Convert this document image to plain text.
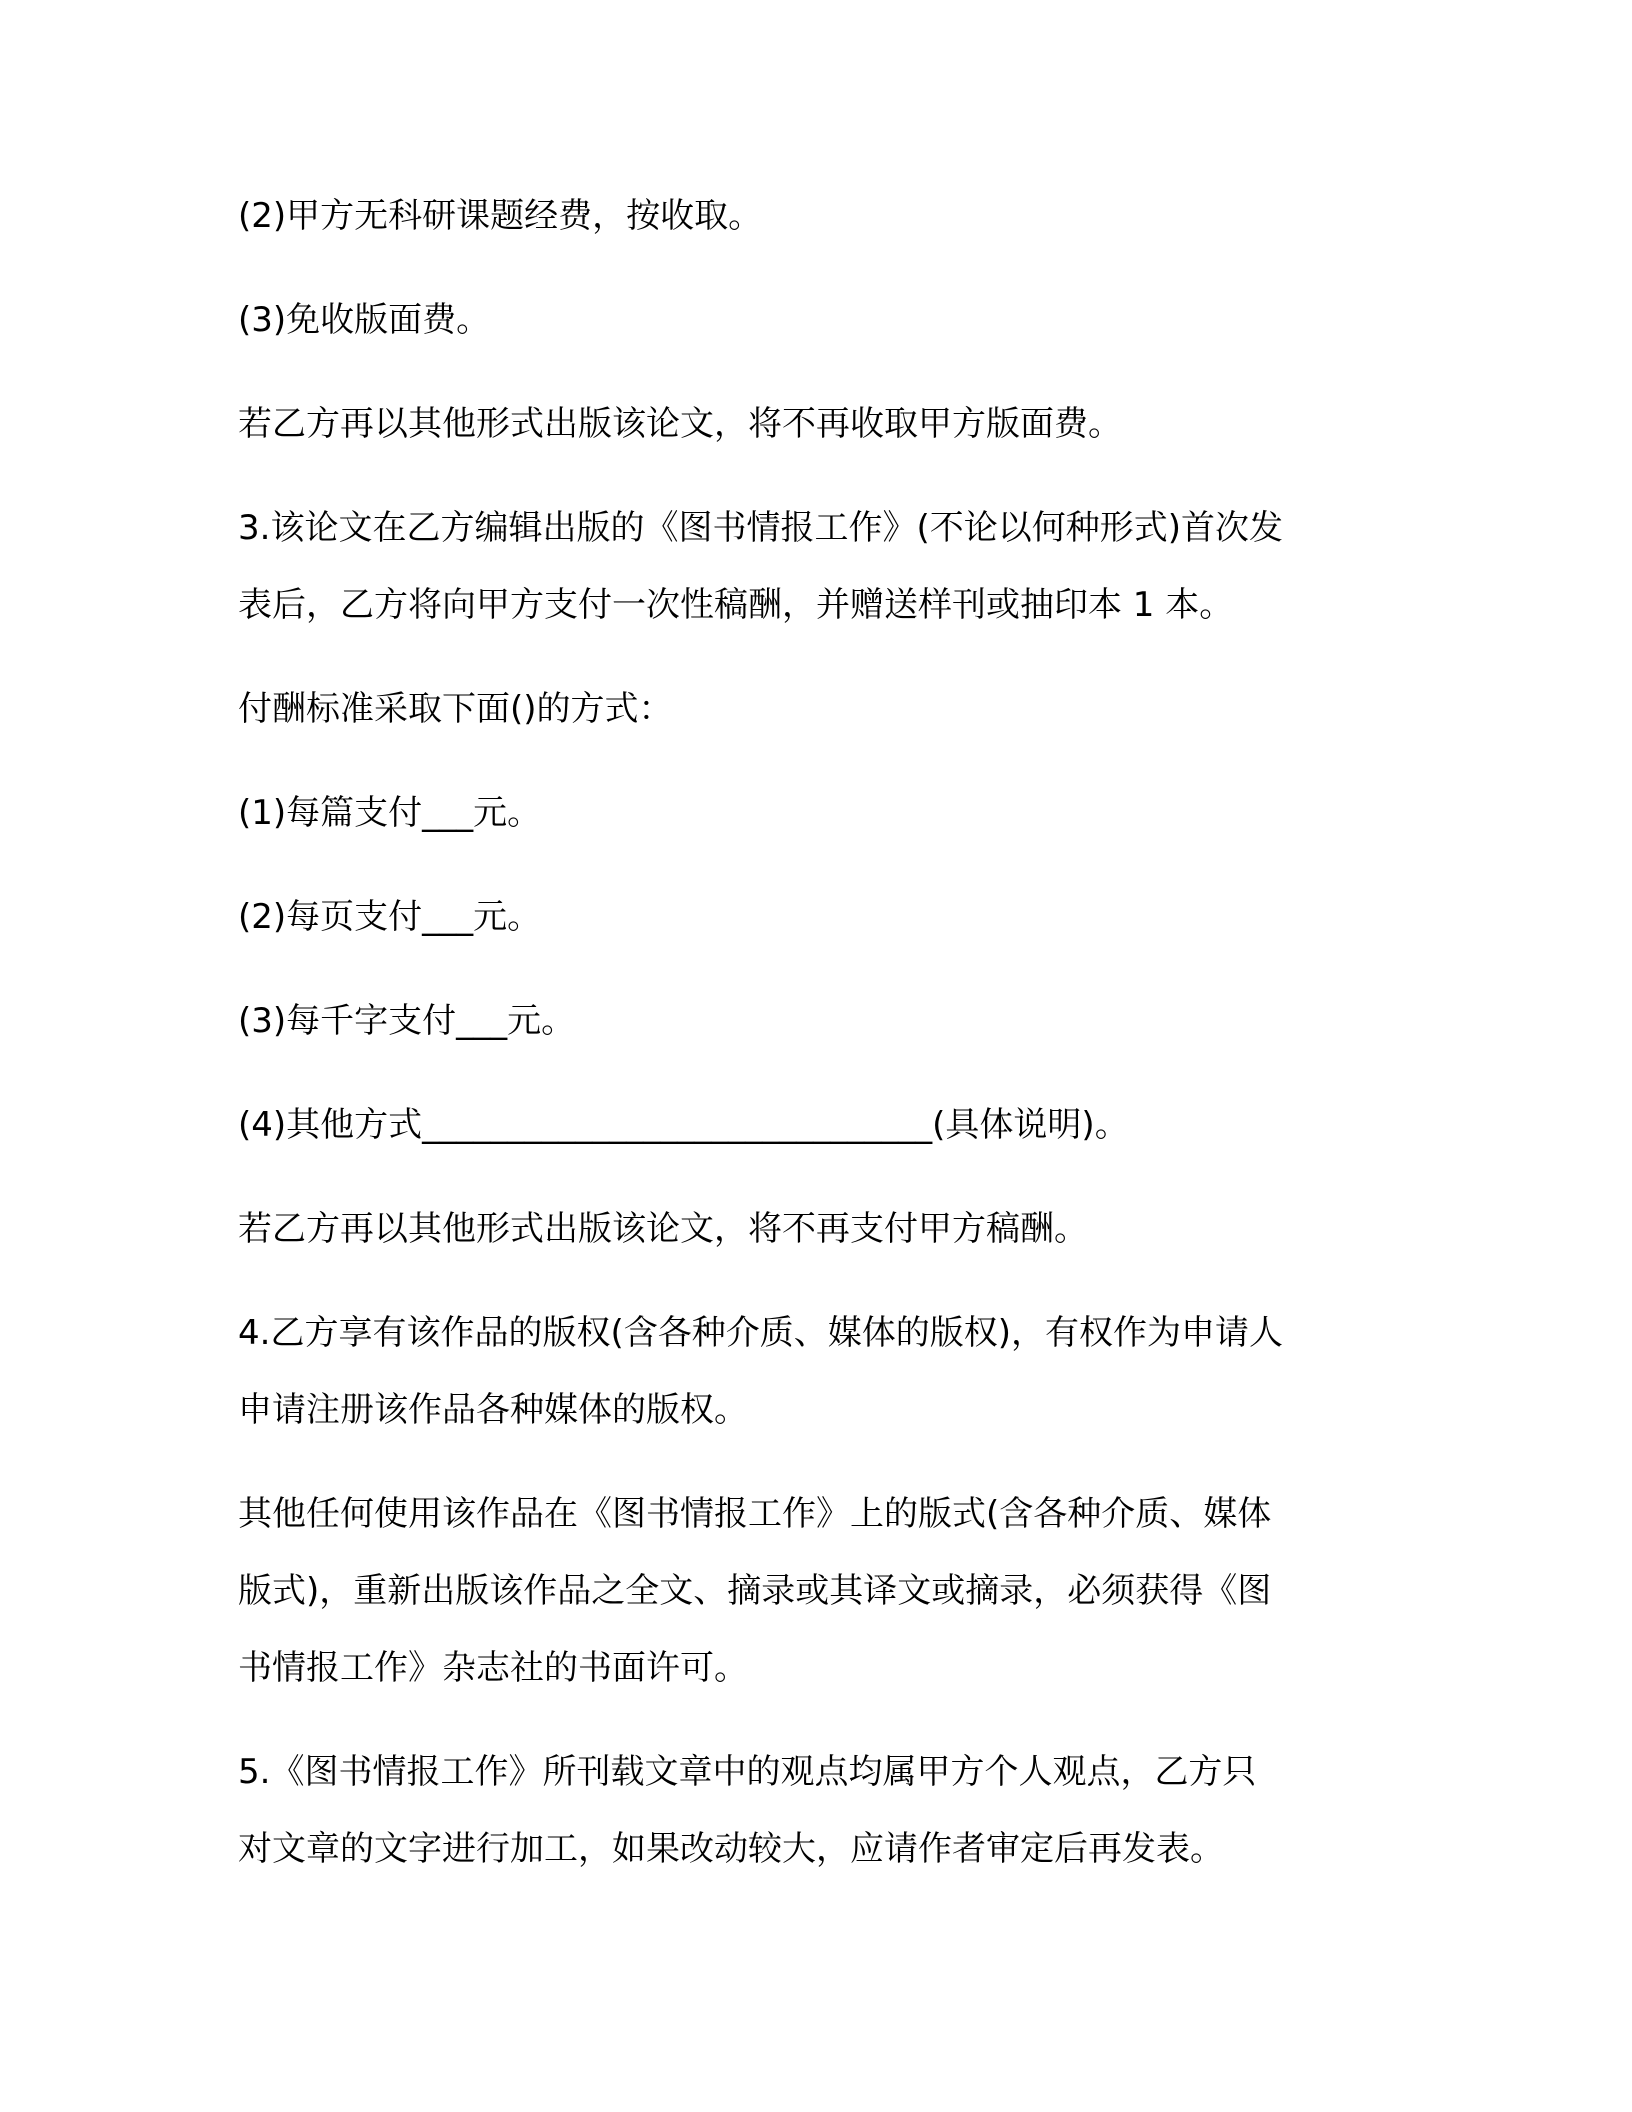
(2)甲方无科研课题经费，按收取。

(3)免收版面费。

若乙方再以其他形式出版该论文，将不再收取甲方版面费。

3.该论文在乙方编辑出版的《图书情报工作》(不论以何种形式)首次发
表后，乙方将向甲方支付一次性稿酬，并赠送样刊或抽印本 1 本。

付酬标准采取下面()的方式：

(1)每篇支付___元。

(2)每页支付___元。

(3)每千字支付___元。

(4)其他方式______________________________(具体说明)。

若乙方再以其他形式出版该论文，将不再支付甲方稿酬。

4.乙方享有该作品的版权(含各种介质、媒体的版权)，有权作为申请人
申请注册该作品各种媒体的版权。

其他任何使用该作品在《图书情报工作》上的版式(含各种介质、媒体
版式)，重新出版该作品之全文、摘录或其译文或摘录，必须获得《图
书情报工作》杂志社的书面许可。

5.《图书情报工作》所刊载文章中的观点均属甲方个人观点，乙方只
对文章的文字进行加工，如果改动较大，应请作者审定后再发表。
